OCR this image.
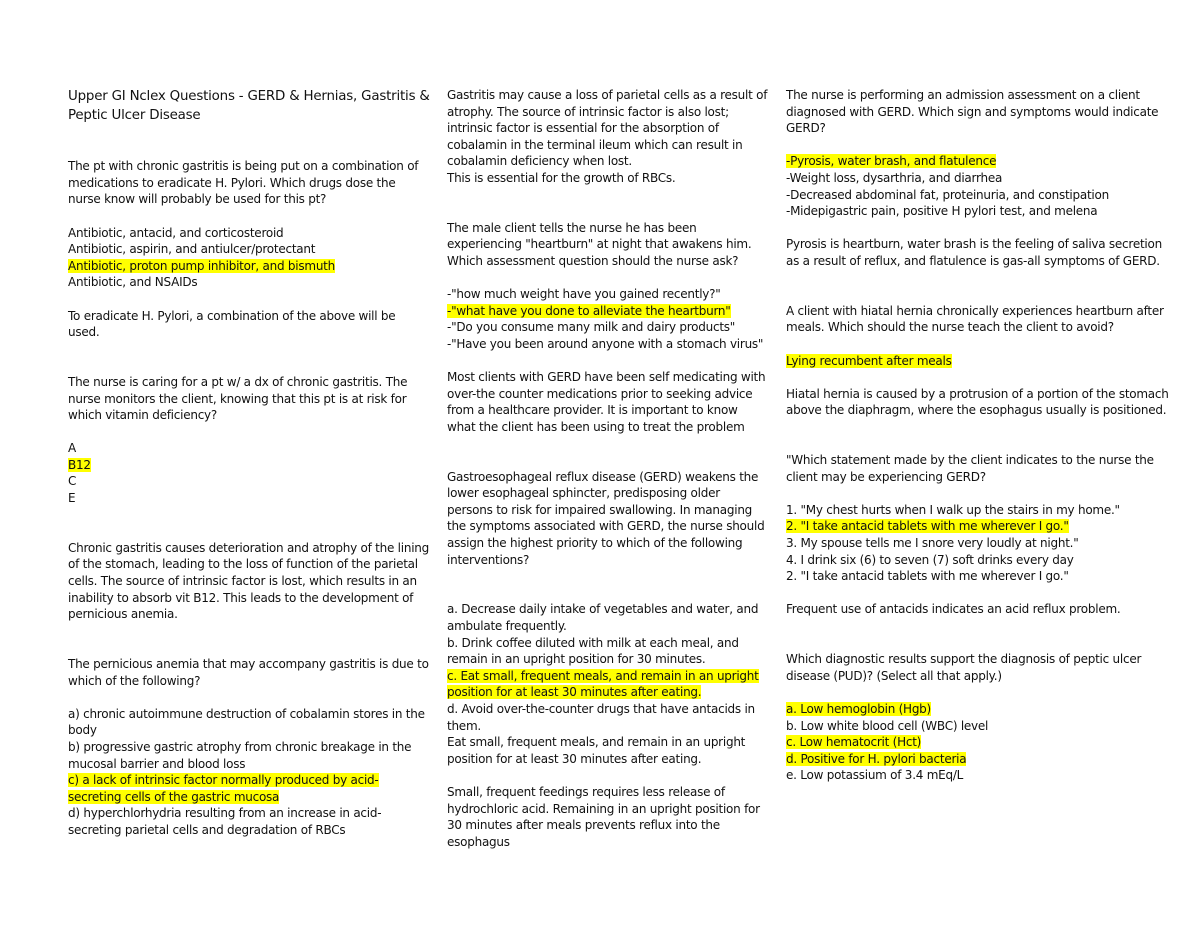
Upper GI Nclex Questions - GERD & Hernias, Gastritis &
Peptic Ulcer Disease
The pt with chronic gastritis is being put on a combination of
medications to eradicate H. Pylori. Which drugs dose the
nurse know will probably be used for this pt?
Antibiotic, antacid, and corticosteroid
Antibiotic, aspirin, and antiulcer/protectant
Antibiotic, proton pump inhibitor, and bismuth
Antibiotic, and NSAIDs
To eradicate H. Pylori, a combination of the above will be
used.
The nurse is caring for a pt w/ a dx of chronic gastritis. The
nurse monitors the client, knowing that this pt is at risk for
which vitamin deficiency?
A
B12
C
E
Chronic gastritis causes deterioration and atrophy of the lining
of the stomach, leading to the loss of function of the parietal
cells. The source of intrinsic factor is lost, which results in an
inability to absorb vit B12. This leads to the development of
pernicious anemia.
The pernicious anemia that may accompany gastritis is due to
which of the following?
a) chronic autoimmune destruction of cobalamin stores in the
body
b) progressive gastric atrophy from chronic breakage in the
mucosal barrier and blood loss
c) a lack of intrinsic factor normally produced by acid-
secreting cells of the gastric mucosa
d) hyperchlorhydria resulting from an increase in acid-
secreting parietal cells and degradation of RBCs
Gastritis may cause a loss of parietal cells as a result of
atrophy. The source of intrinsic factor is also lost;
intrinsic factor is essential for the absorption of
cobalamin in the terminal ileum which can result in
cobalamin deficiency when lost.
This is essential for the growth of RBCs.
The male client tells the nurse he has been
experiencing "heartburn" at night that awakens him.
Which assessment question should the nurse ask?
-"how much weight have you gained recently?"
-"what have you done to alleviate the heartburn"
-"Do you consume many milk and dairy products"
-"Have you been around anyone with a stomach virus"
Most clients with GERD have been self medicating with
over-the counter medications prior to seeking advice
from a healthcare provider. It is important to know
what the client has been using to treat the problem
Gastroesophageal reflux disease (GERD) weakens the
lower esophageal sphincter, predisposing older
persons to risk for impaired swallowing. In managing
the symptoms associated with GERD, the nurse should
assign the highest priority to which of the following
interventions?
a. Decrease daily intake of vegetables and water, and
ambulate frequently.
b. Drink coffee diluted with milk at each meal, and
remain in an upright position for 30 minutes.
c. Eat small, frequent meals, and remain in an upright
position for at least 30 minutes after eating.
d. Avoid over-the-counter drugs that have antacids in
them.
Eat small, frequent meals, and remain in an upright
position for at least 30 minutes after eating.
Small, frequent feedings requires less release of
hydrochloric acid. Remaining in an upright position for
30 minutes after meals prevents reflux into the
esophagus
The nurse is performing an admission assessment on a client
diagnosed with GERD. Which sign and symptoms would indicate
GERD?
-Pyrosis, water brash, and flatulence
-Weight loss, dysarthria, and diarrhea
-Decreased abdominal fat, proteinuria, and constipation
-Midepigastric pain, positive H pylori test, and melena
Pyrosis is heartburn, water brash is the feeling of saliva secretion
as a result of reflux, and flatulence is gas-all symptoms of GERD.
A client with hiatal hernia chronically experiences heartburn after
meals. Which should the nurse teach the client to avoid?
Lying recumbent after meals
Hiatal hernia is caused by a protrusion of a portion of the stomach
above the diaphragm, where the esophagus usually is positioned.
"Which statement made by the client indicates to the nurse the
client may be experiencing GERD?
1. "My chest hurts when I walk up the stairs in my home."
2. "I take antacid tablets with me wherever I go."
3. My spouse tells me I snore very loudly at night."
4. I drink six (6) to seven (7) soft drinks every day
2. "I take antacid tablets with me wherever I go."
Frequent use of antacids indicates an acid reflux problem.
Which diagnostic results support the diagnosis of peptic ulcer
disease (PUD)? (Select all that apply.)
a. Low hemoglobin (Hgb)
b. Low white blood cell (WBC) level
c. Low hematocrit (Hct)
d. Positive for H. pylori bacteria
e. Low potassium of 3.4 mEq/L
